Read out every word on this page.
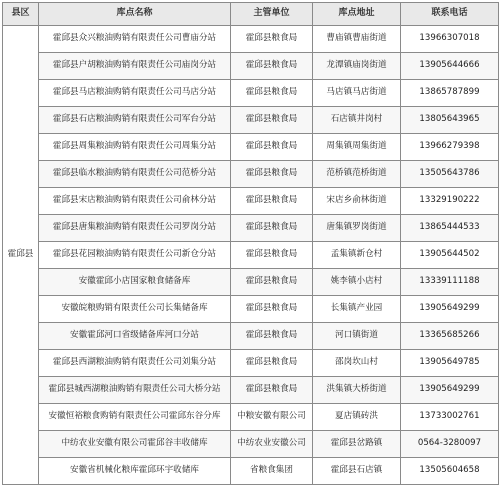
县区	库点名称	主管单位	库点地址	联系电话
霍邱县	霍邱县众兴粮油购销有限责任公司曹庙分站	霍邱县粮食局	曹庙镇曹庙街道	13966307018
	霍邱县户胡粮油购销有限责任公司庙岗分站	霍邱县粮食局	龙潭镇庙岗街道	13905644666
	霍邱县马店粮油购销有限责任公司马店分站	霍邱县粮食局	马店镇马店街道	13865787899
	霍邱县石店粮油购销有限责任公司军台分站	霍邱县粮食局	石店镇井岗村	13805643965
	霍邱县周集粮油购销有限责任公司周集分站	霍邱县粮食局	周集镇周集街道	13966279398
	霍邱县临水粮油购销有限责任公司范桥分站	霍邱县粮食局	范桥镇范桥街道	13505643786
	霍邱县宋店粮油购销有限责任公司俞林分站	霍邱县粮食局	宋店乡俞林街道	13329190222
	霍邱县唐集粮油购销有限责任公司罗岗分站	霍邱县粮食局	唐集镇罗岗街道	13865444533
	霍邱县花园粮油购销有限责任公司新仓分站	霍邱县粮食局	孟集镇新仓村	13905644502
	安徽霍邱小店国家粮食储备库	霍邱县粮食局	姚李镇小店村	13339111188
	安徽皖粮购销有限责任公司长集储备库	霍邱县粮食局	长集镇产业园	13905649299
	安徽霍邱河口省级储备库河口分站	霍邱县粮食局	河口镇街道	13365685266
	霍邱县西湖粮油购销有限责任公司刘集分站	霍邱县粮食局	邵岗坎山村	13905649785
	霍邱县城西湖粮油购销有限责任公司大桥分站	霍邱县粮食局	洪集镇大桥街道	13905649299
	安徽恒裕粮食购销有限责任公司霍邱东谷分库	中粮安徽有限公司	夏店镇砖洪	13733002761
	中纺农业安徽有限公司霍邱谷丰收储库	中纺农业安徽公司	霍邱县岔路镇	0564-3280097
	安徽省机械化粮库霍邱环宇收储库	省粮食集团	霍邱县石店镇	13505604658
